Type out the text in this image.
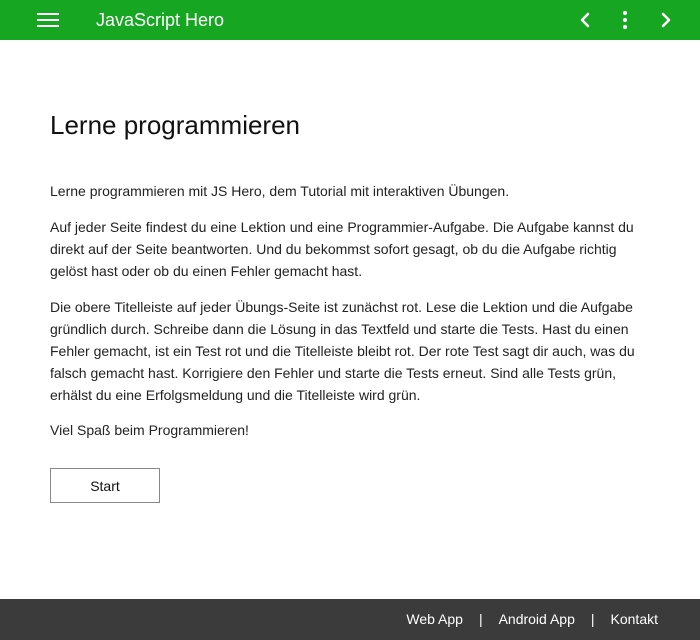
JavaScript Hero
Lerne programmieren

Lerne programmieren mit JS Hero, dem Tutorial mit interaktiven Übungen.

Auf jeder Seite findest du eine Lektion und eine Programmier-Aufgabe. Die Aufgabe kannst du direkt auf der Seite beantworten. Und du bekommst sofort gesagt, ob du die Aufgabe richtig gelöst hast oder ob du einen Fehler gemacht hast.

Die obere Titelleiste auf jeder Übungs-Seite ist zunächst rot. Lese die Lektion und die Aufgabe gründlich durch. Schreibe dann die Lösung in das Textfeld und starte die Tests. Hast du einen Fehler gemacht, ist ein Test rot und die Titelleiste bleibt rot. Der rote Test sagt dir auch, was du falsch gemacht hast. Korrigiere den Fehler und starte die Tests erneut. Sind alle Tests grün, erhälst du eine Erfolgsmeldung und die Titelleiste wird grün.

Viel Spaß beim Programmieren!

Start
Web App | Android App | Kontakt
